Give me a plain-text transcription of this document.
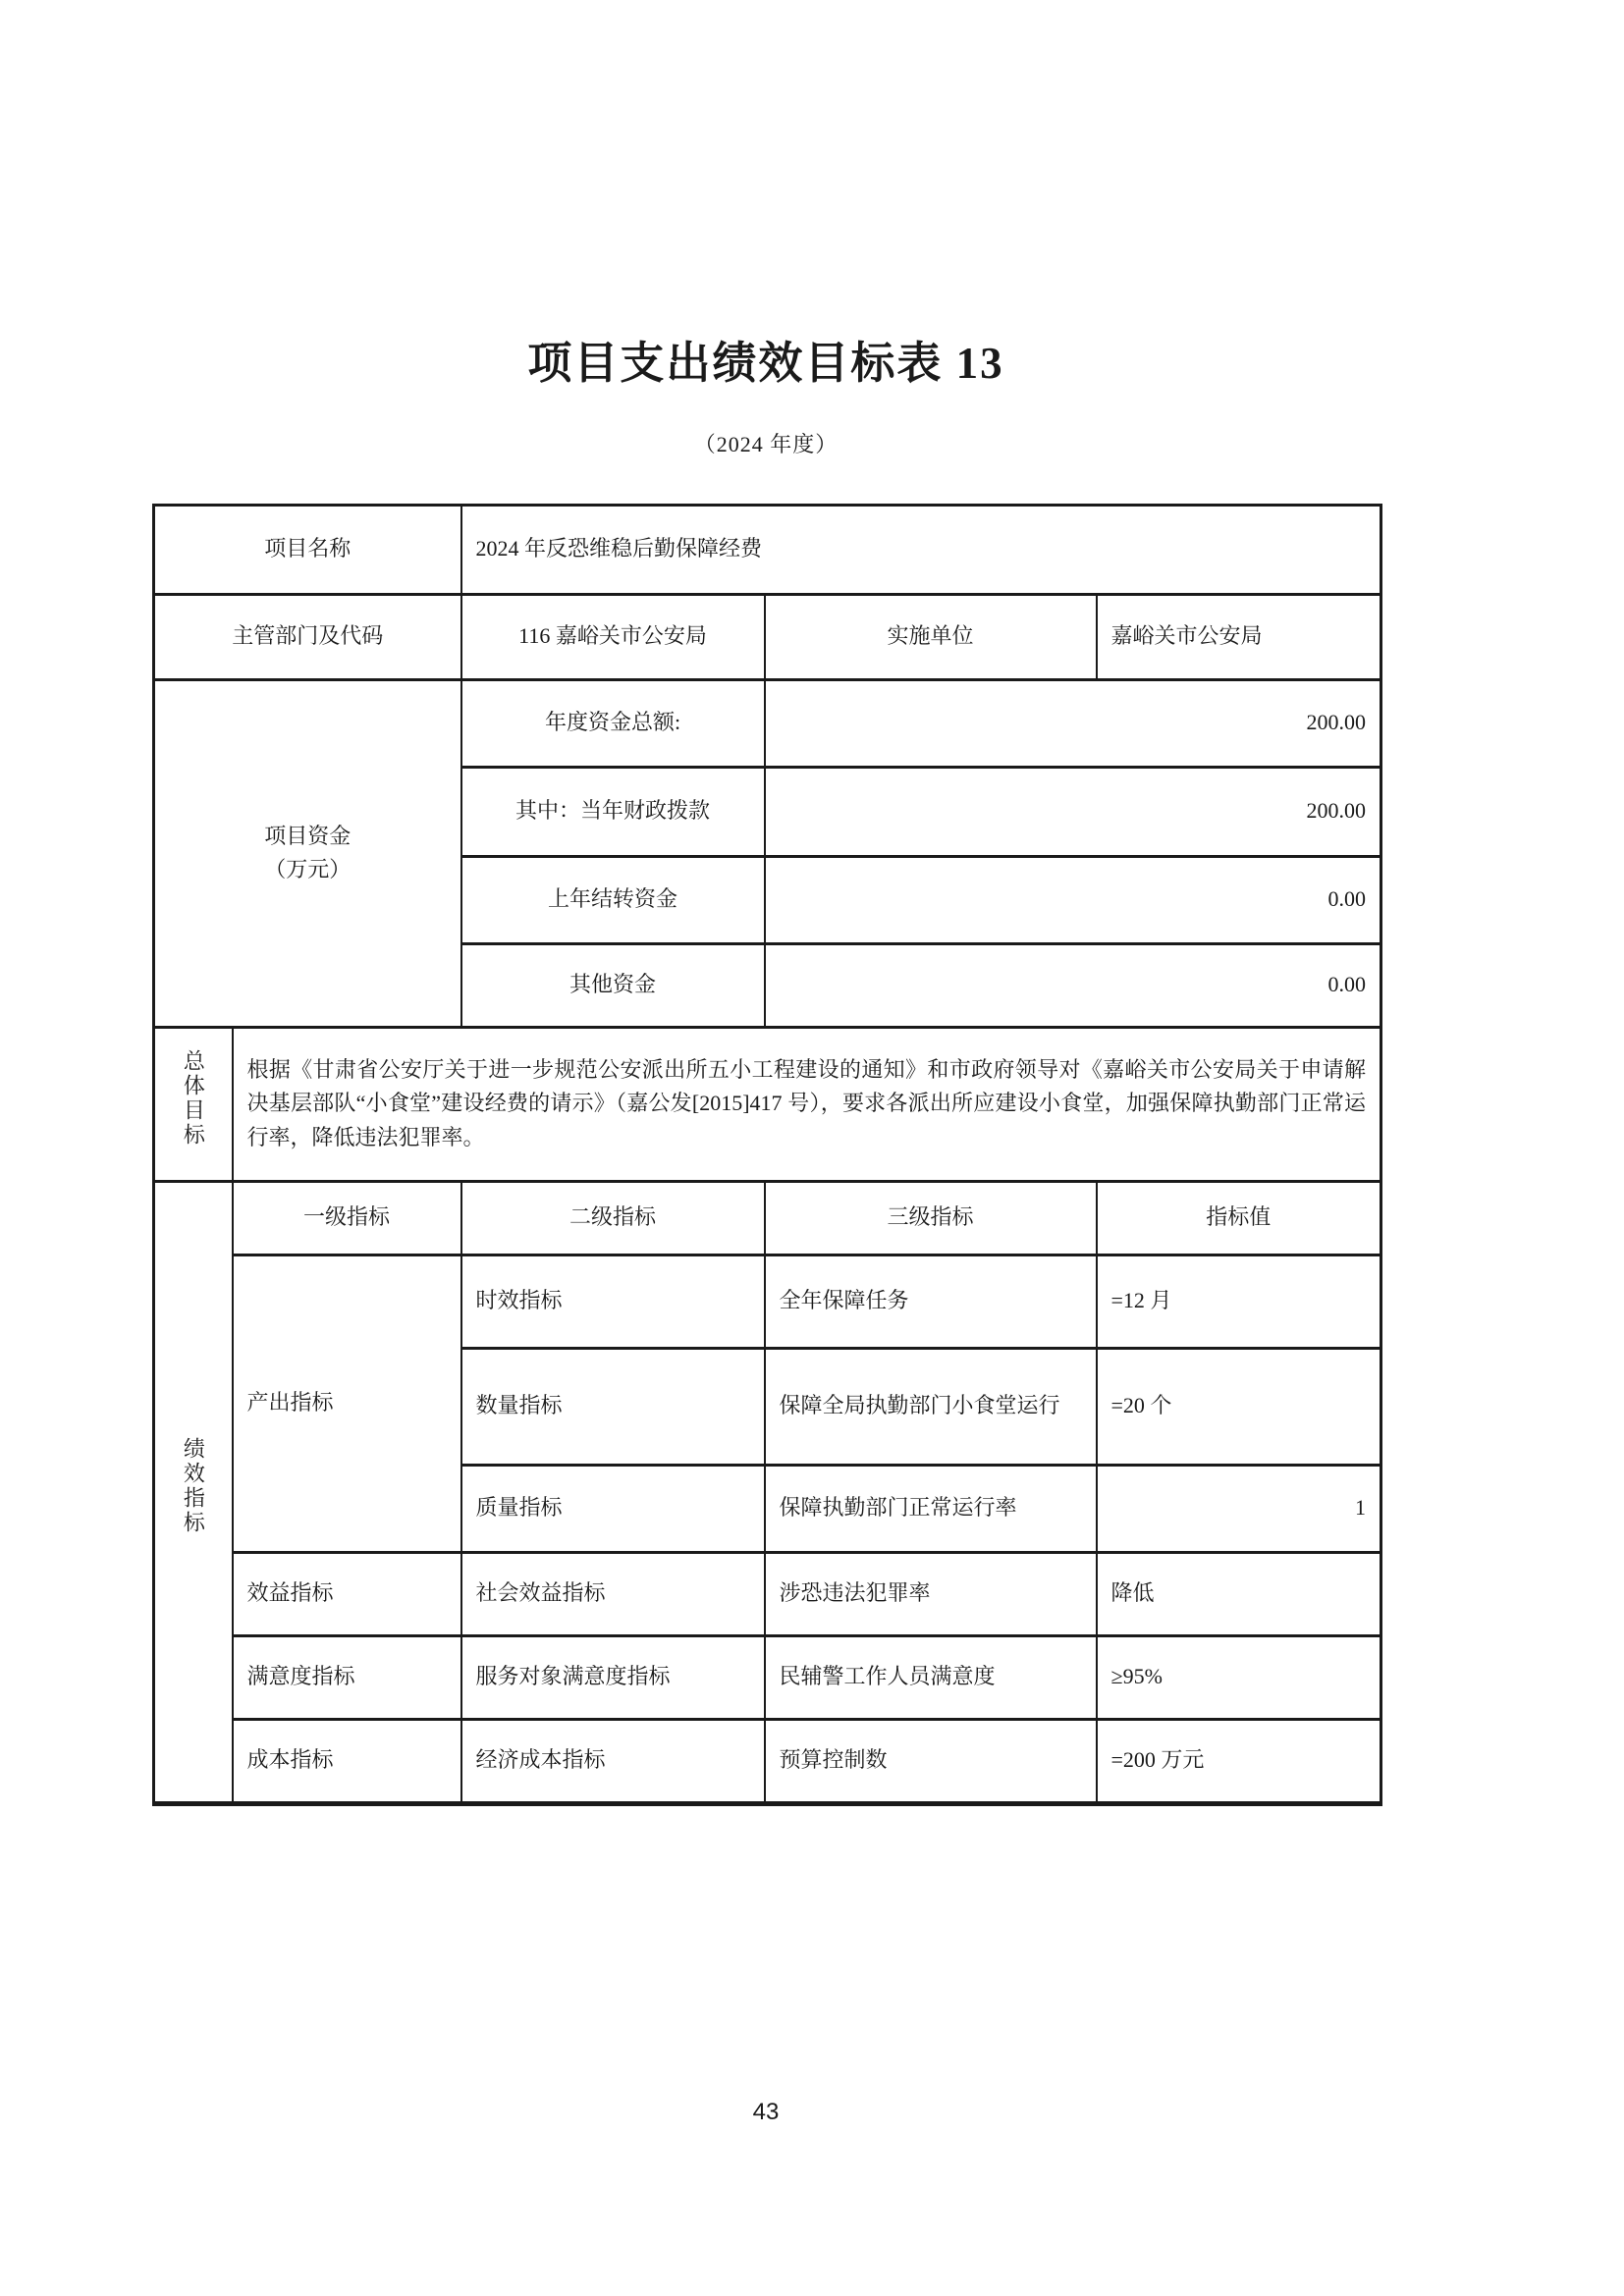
项目支出绩效目标表 13
（2024 年度）
项目名称		2024 年反恐维稳后勤保障经费		
主管部门及代码		116 嘉峪关市公安局	实施单位	嘉峪关市公安局

项目资金
（万元）		年度资金总额:	200.00	
		其中：当年财政拨款	200.00	
		上年结转资金	0.00	
		其他资金	0.00	
总体目标	根据《甘肃省公安厅关于进一步规范公安派出所五小工程建设的通知》和市政府领导对《嘉峪关市公安局关于申请解决基层部队“小食堂”建设经费的请示》（嘉公发[2015]417 号），要求各派出所应建设小食堂，加强保障执勤部门正常运行率，降低违法犯罪率。			
绩效指标	一级指标	二级指标	三级指标	指标值
	产出指标	时效指标	全年保障任务	=12 月
		数量指标	保障全局执勤部门小食堂运行	=20 个
		质量指标	保障执勤部门正常运行率	1
	效益指标	社会效益指标	涉恐违法犯罪率	降低
	满意度指标	服务对象满意度指标	民辅警工作人员满意度	≥95%
	成本指标	经济成本指标	预算控制数	=200 万元
43
